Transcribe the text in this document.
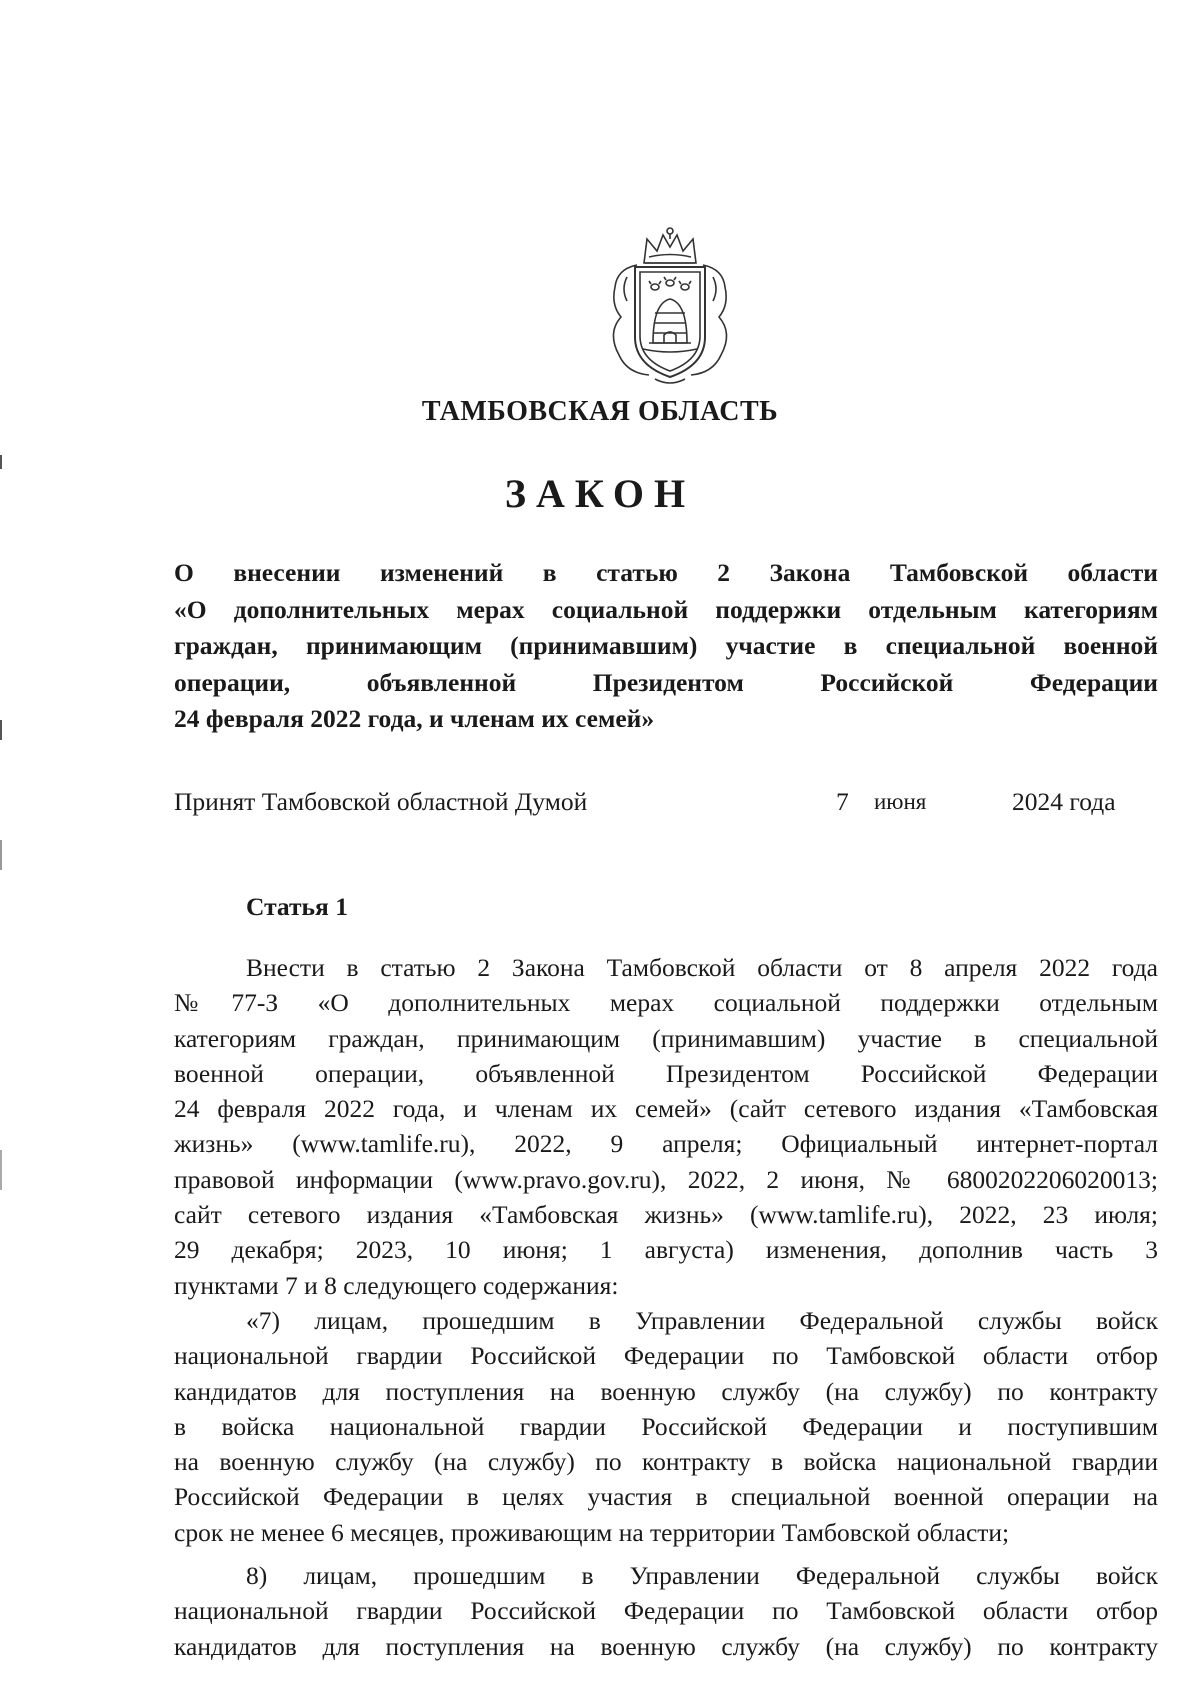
ТАМБОВСКАЯ ОБЛАСТЬ
ЗАКОН
О внесении изменений в статью 2 Закона Тамбовской области
«О дополнительных мерах социальной поддержки отдельным категориям
граждан, принимающим (принимавшим) участие в специальной военной
операции, объявленной Президентом Российской Федерации
24 февраля 2022 года, и членам их семей»
Принят Тамбовской областной Думой	7 июня	2024 года
Статья 1
Внести в статью 2 Закона Тамбовской области от 8 апреля 2022 года
№77-З «О дополнительных мерах социальной поддержки отдельным
категориям граждан, принимающим (принимавшим) участие в специальной
военной операции, объявленной Президентом Российской Федерации
24 февраля 2022 года, и членам их семей» (сайт сетевого издания «Тамбовская
жизнь» (www.tamlife.ru), 2022, 9 апреля; Официальный интернет-портал
правовой информации (www.pravo.gov.ru), 2022, 2 июня, № 6800202206020013;
сайт сетевого издания «Тамбовская жизнь» (www.tamlife.ru), 2022, 23 июля;
29 декабря; 2023, 10 июня; 1 августа) изменения, дополнив часть 3
пунктами 7 и 8 следующего содержания:
«7) лицам, прошедшим в Управлении Федеральной службы войск
национальной гвардии Российской Федерации по Тамбовской области отбор
кандидатов для поступления на военную службу (на службу) по контракту
в войска национальной гвардии Российской Федерации и поступившим
на военную службу (на службу) по контракту в войска национальной гвардии
Российской Федерации в целях участия в специальной военной операции на
срок не менее 6 месяцев, проживающим на территории Тамбовской области;
8) лицам, прошедшим в Управлении Федеральной службы войск
национальной гвардии Российской Федерации по Тамбовской области отбор
кандидатов для поступления на военную службу (на службу) по контракту
